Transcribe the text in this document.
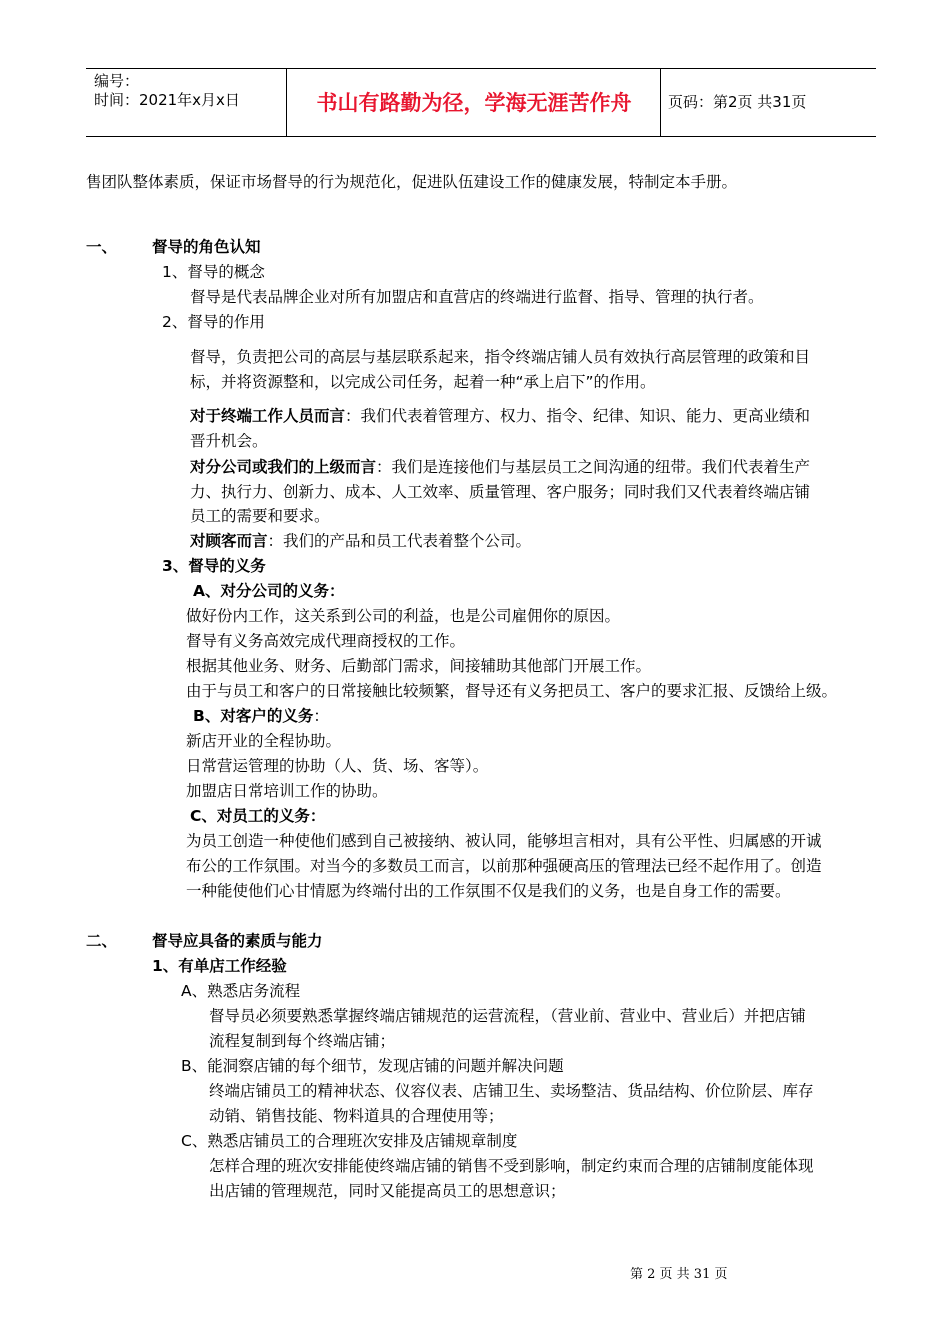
编号：
时间：2021年x月x日	书山有路勤为径，学海无涯苦作舟	页码：第2页 共31页
售团队整体素质，保证市场督导的行为规范化，促进队伍建设工作的健康发展，特制定本手册。
一、 督导的角色认知
1、督导的概念
督导是代表品牌企业对所有加盟店和直营店的终端进行监督、指导、管理的执行者。
2、督导的作用
督导，负责把公司的高层与基层联系起来，指令终端店铺人员有效执行高层管理的政策和目
标，并将资源整和，以完成公司任务，起着一种“承上启下”的作用。
对于终端工作人员而言：我们代表着管理方、权力、指令、纪律、知识、能力、更高业绩和
晋升机会。
对分公司或我们的上级而言：我们是连接他们与基层员工之间沟通的纽带。我们代表着生产
力、执行力、创新力、成本、人工效率、质量管理、客户服务；同时我们又代表着终端店铺
员工的需要和要求。
对顾客而言：我们的产品和员工代表着整个公司。
3、督导的义务
A、对分公司的义务：
做好份内工作，这关系到公司的利益，也是公司雇佣你的原因。
督导有义务高效完成代理商授权的工作。
根据其他业务、财务、后勤部门需求，间接辅助其他部门开展工作。
由于与员工和客户的日常接触比较频繁，督导还有义务把员工、客户的要求汇报、反馈给上级。
B、对客户的义务：
新店开业的全程协助。
日常营运管理的协助（人、货、场、客等）。
加盟店日常培训工作的协助。
C、对员工的义务：
为员工创造一种使他们感到自己被接纳、被认同，能够坦言相对，具有公平性、归属感的开诚
布公的工作氛围。对当今的多数员工而言，以前那种强硬高压的管理法已经不起作用了。创造
一种能使他们心甘情愿为终端付出的工作氛围不仅是我们的义务，也是自身工作的需要。
二、 督导应具备的素质与能力
1、有单店工作经验
A、熟悉店务流程
督导员必须要熟悉掌握终端店铺规范的运营流程，（营业前、营业中、营业后）并把店铺
流程复制到每个终端店铺；
B、能洞察店铺的每个细节，发现店铺的问题并解决问题
终端店铺员工的精神状态、仪容仪表、店铺卫生、卖场整洁、货品结构、价位阶层、库存
动销、销售技能、物料道具的合理使用等；
C、熟悉店铺员工的合理班次安排及店铺规章制度
怎样合理的班次安排能使终端店铺的销售不受到影响，制定约束而合理的店铺制度能体现
出店铺的管理规范，同时又能提高员工的思想意识；
第 2 页 共 31 页
